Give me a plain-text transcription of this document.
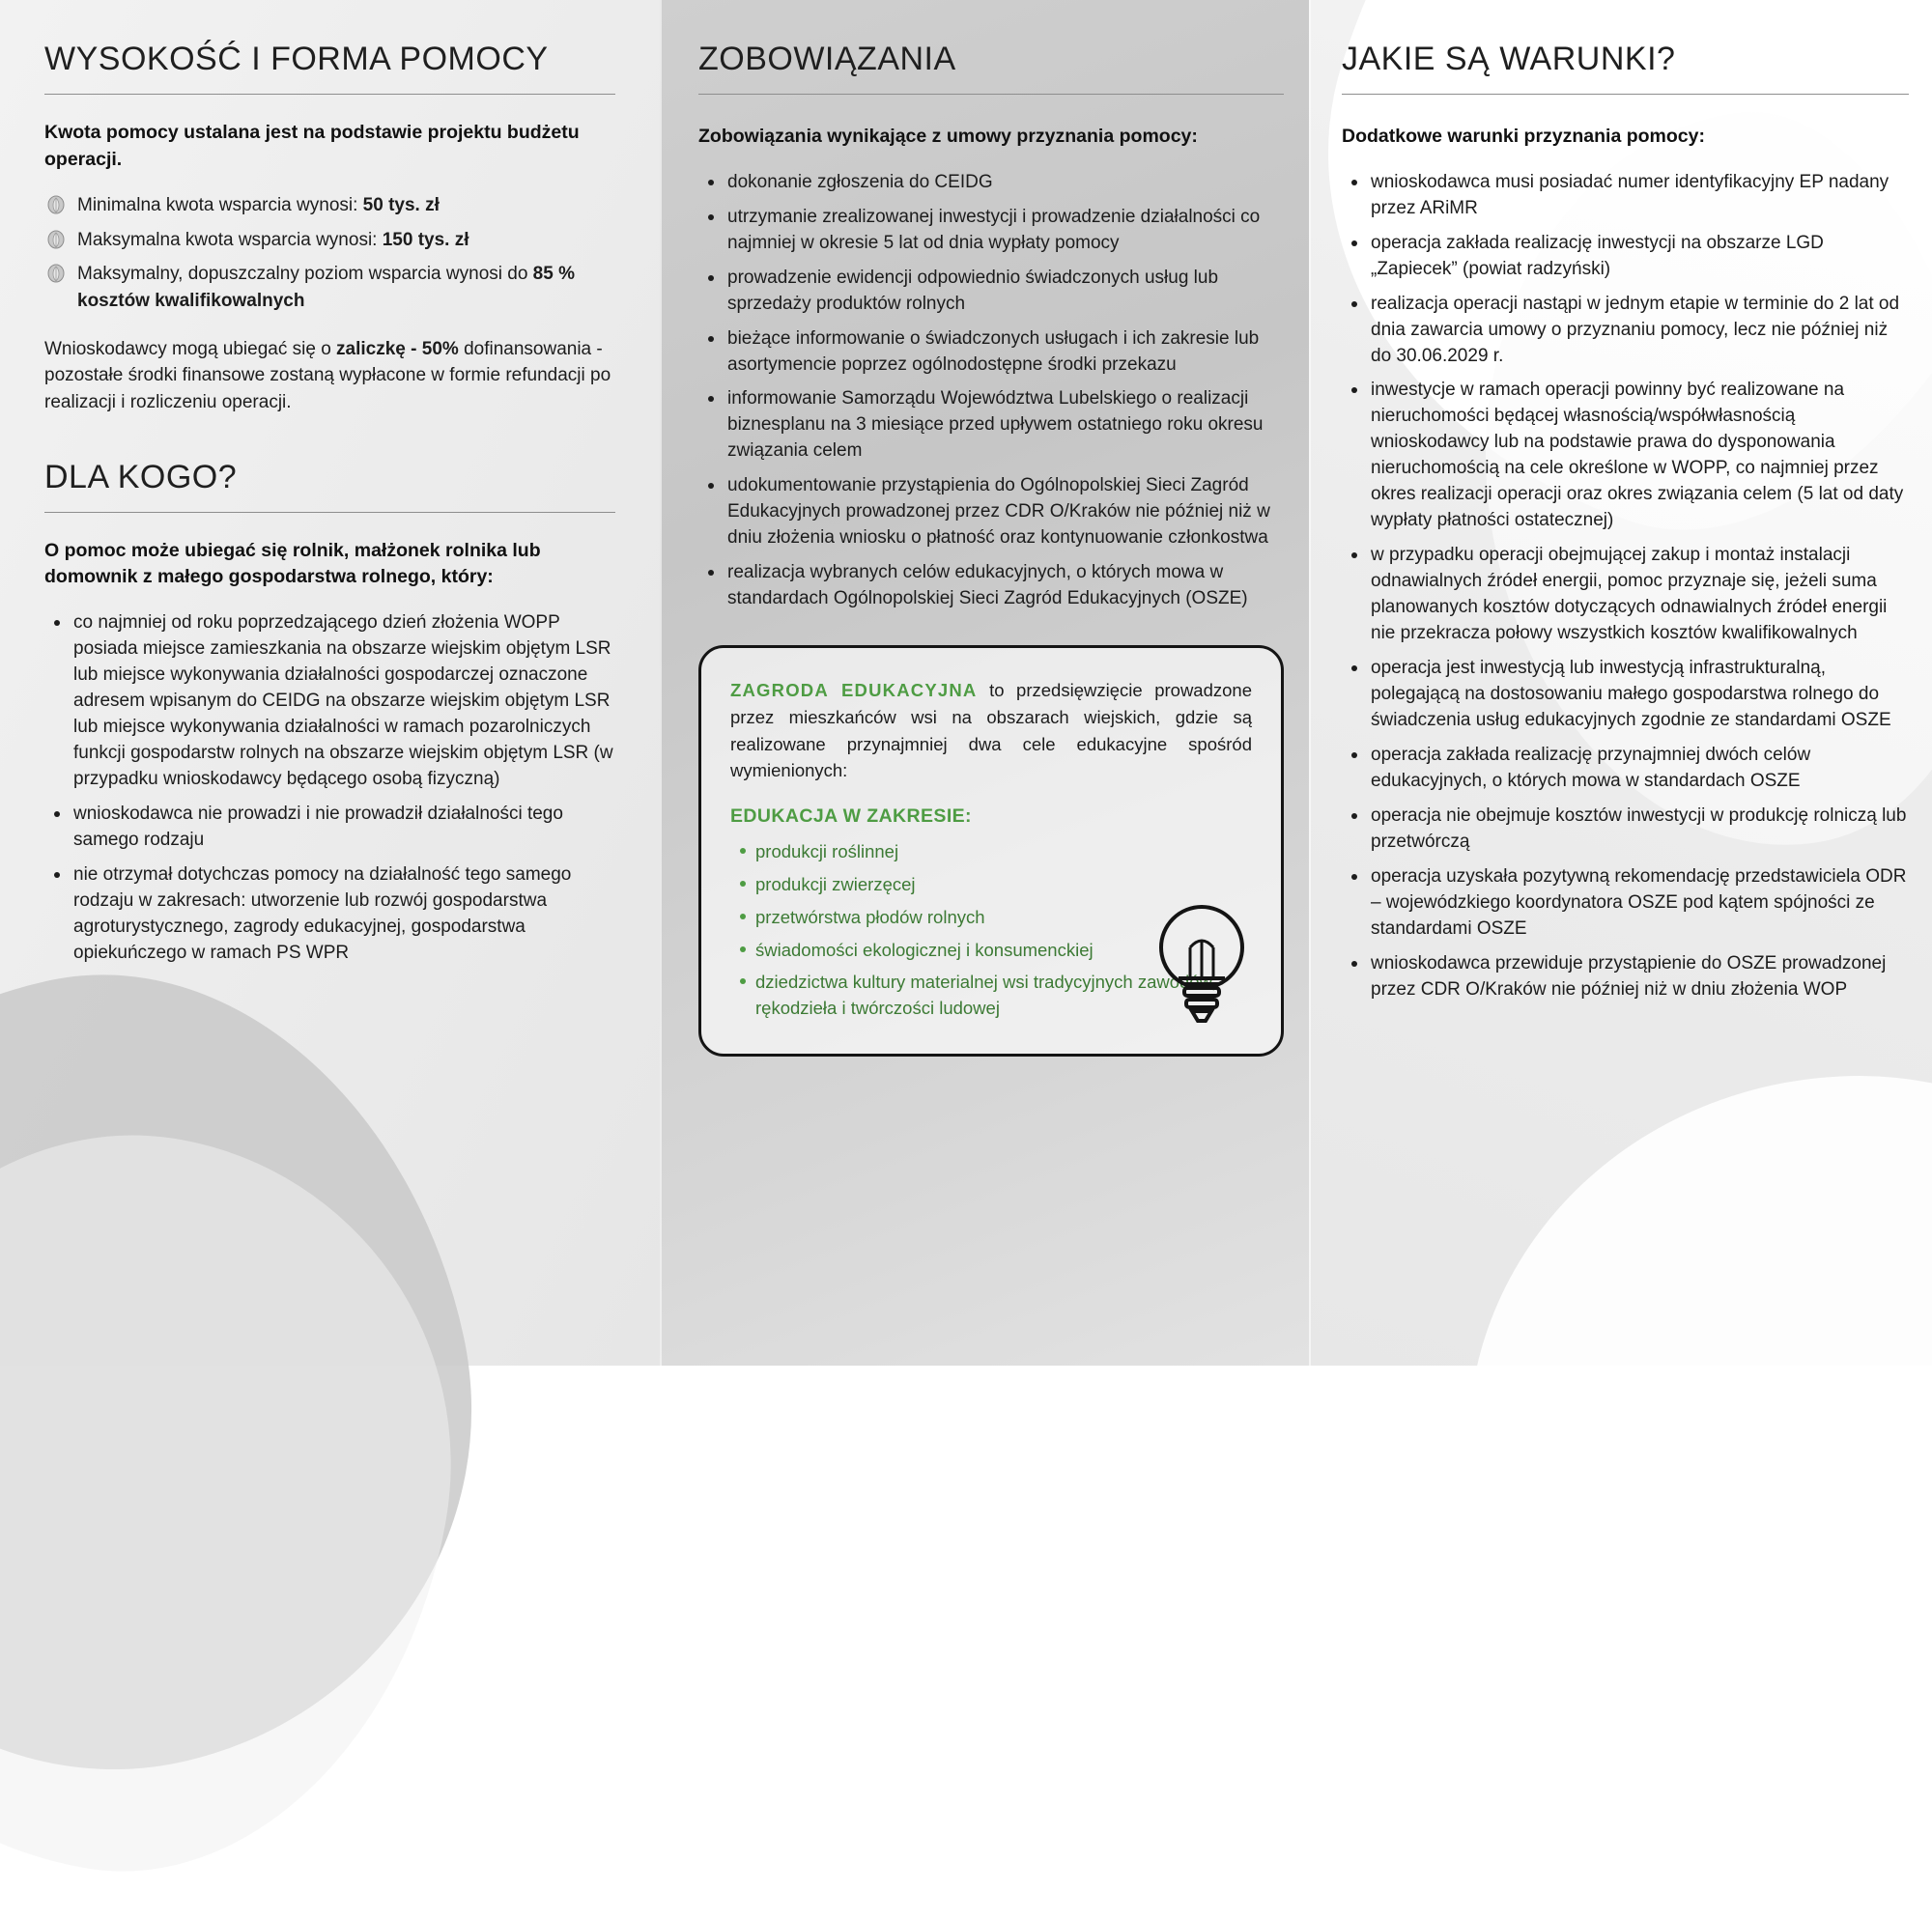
WYSOKOŚĆ I FORMA POMOCY
Kwota pomocy ustalana jest na podstawie projektu budżetu operacji.
Minimalna kwota wsparcia wynosi: 50 tys. zł
Maksymalna kwota wsparcia wynosi: 150 tys. zł
Maksymalny, dopuszczalny poziom wsparcia wynosi do 85 % kosztów kwalifikowalnych

Wnioskodawcy mogą ubiegać się o zaliczkę - 50% dofinansowania - pozostałe środki finansowe zostaną wypłacone w formie refundacji po realizacji i rozliczeniu operacji.

DLA KOGO?
O pomoc może ubiegać się rolnik, małżonek rolnika lub domownik z małego gospodarstwa rolnego, który:
co najmniej od roku poprzedzającego dzień złożenia WOPP posiada miejsce zamieszkania na obszarze wiejskim objętym LSR lub miejsce wykonywania działalności gospodarczej oznaczone adresem wpisanym do CEIDG na obszarze wiejskim objętym LSR lub miejsce wykonywania działalności w ramach pozarolniczych funkcji gospodarstw rolnych na obszarze wiejskim objętym LSR (w przypadku wnioskodawcy będącego osobą fizyczną)
wnioskodawca nie prowadzi i nie prowadził działalności tego samego rodzaju
nie otrzymał dotychczas pomocy na działalność tego samego rodzaju w zakresach: utworzenie lub rozwój gospodarstwa agroturystycznego, zagrody edukacyjnej, gospodarstwa opiekuńczego w ramach PS WPR
ZOBOWIĄZANIA
Zobowiązania wynikające z umowy przyznania pomocy:
dokonanie zgłoszenia do CEIDG
utrzymanie zrealizowanej inwestycji i prowadzenie działalności co najmniej w okresie 5 lat od dnia wypłaty pomocy
prowadzenie ewidencji odpowiednio świadczonych usług lub sprzedaży produktów rolnych
bieżące informowanie o świadczonych usługach i ich zakresie lub asortymencie poprzez ogólnodostępne środki przekazu
informowanie Samorządu Województwa Lubelskiego o realizacji biznesplanu na 3 miesiące przed upływem ostatniego roku okresu związania celem
udokumentowanie przystąpienia do Ogólnopolskiej Sieci Zagród Edukacyjnych prowadzonej przez CDR O/Kraków nie później niż w dniu złożenia wniosku o płatność oraz kontynuowanie członkostwa
realizacja wybranych celów edukacyjnych, o których mowa w standardach Ogólnopolskiej Sieci Zagród Edukacyjnych (OSZE)

ZAGRODA EDUKACYJNA to przedsięwzięcie prowadzone przez mieszkańców wsi na obszarach wiejskich, gdzie są realizowane przynajmniej dwa cele edukacyjne spośród wymienionych:

EDUKACJA W ZAKRESIE:

produkcji roślinnej
produkcji zwierzęcej
przetwórstwa płodów rolnych
świadomości ekologicznej i konsumenckiej
dziedzictwa kultury materialnej wsi tradycyjnych zawodów, rękodzieła i twórczości ludowej
JAKIE SĄ WARUNKI?
Dodatkowe warunki przyznania pomocy:
wnioskodawca musi posiadać numer identyfikacyjny EP nadany przez ARiMR
operacja zakłada realizację inwestycji na obszarze LGD „Zapiecek” (powiat radzyński)
realizacja operacji nastąpi w jednym etapie w terminie do 2 lat od dnia zawarcia umowy o przyznaniu pomocy, lecz nie później niż do 30.06.2029 r.
inwestycje w ramach operacji powinny być realizowane na nieruchomości będącej własnością/współwłasnością wnioskodawcy lub na podstawie prawa do dysponowania nieruchomością na cele określone w WOPP, co najmniej przez okres realizacji operacji oraz okres związania celem (5 lat od daty wypłaty płatności ostatecznej)
w przypadku operacji obejmującej zakup i montaż instalacji odnawialnych źródeł energii, pomoc przyznaje się, jeżeli suma planowanych kosztów dotyczących odnawialnych źródeł energii nie przekracza połowy wszystkich kosztów kwalifikowalnych
operacja jest inwestycją lub inwestycją infrastrukturalną, polegającą na dostosowaniu małego gospodarstwa rolnego do świadczenia usług edukacyjnych zgodnie ze standardami OSZE
operacja zakłada realizację przynajmniej dwóch celów edukacyjnych, o których mowa w standardach OSZE
operacja nie obejmuje kosztów inwestycji w produkcję rolniczą lub przetwórczą
operacja uzyskała pozytywną rekomendację przedstawiciela ODR – wojewódzkiego koordynatora OSZE pod kątem spójności ze standardami OSZE
wnioskodawca przewiduje przystąpienie do OSZE prowadzonej przez CDR O/Kraków nie później niż w dniu złożenia WOP
